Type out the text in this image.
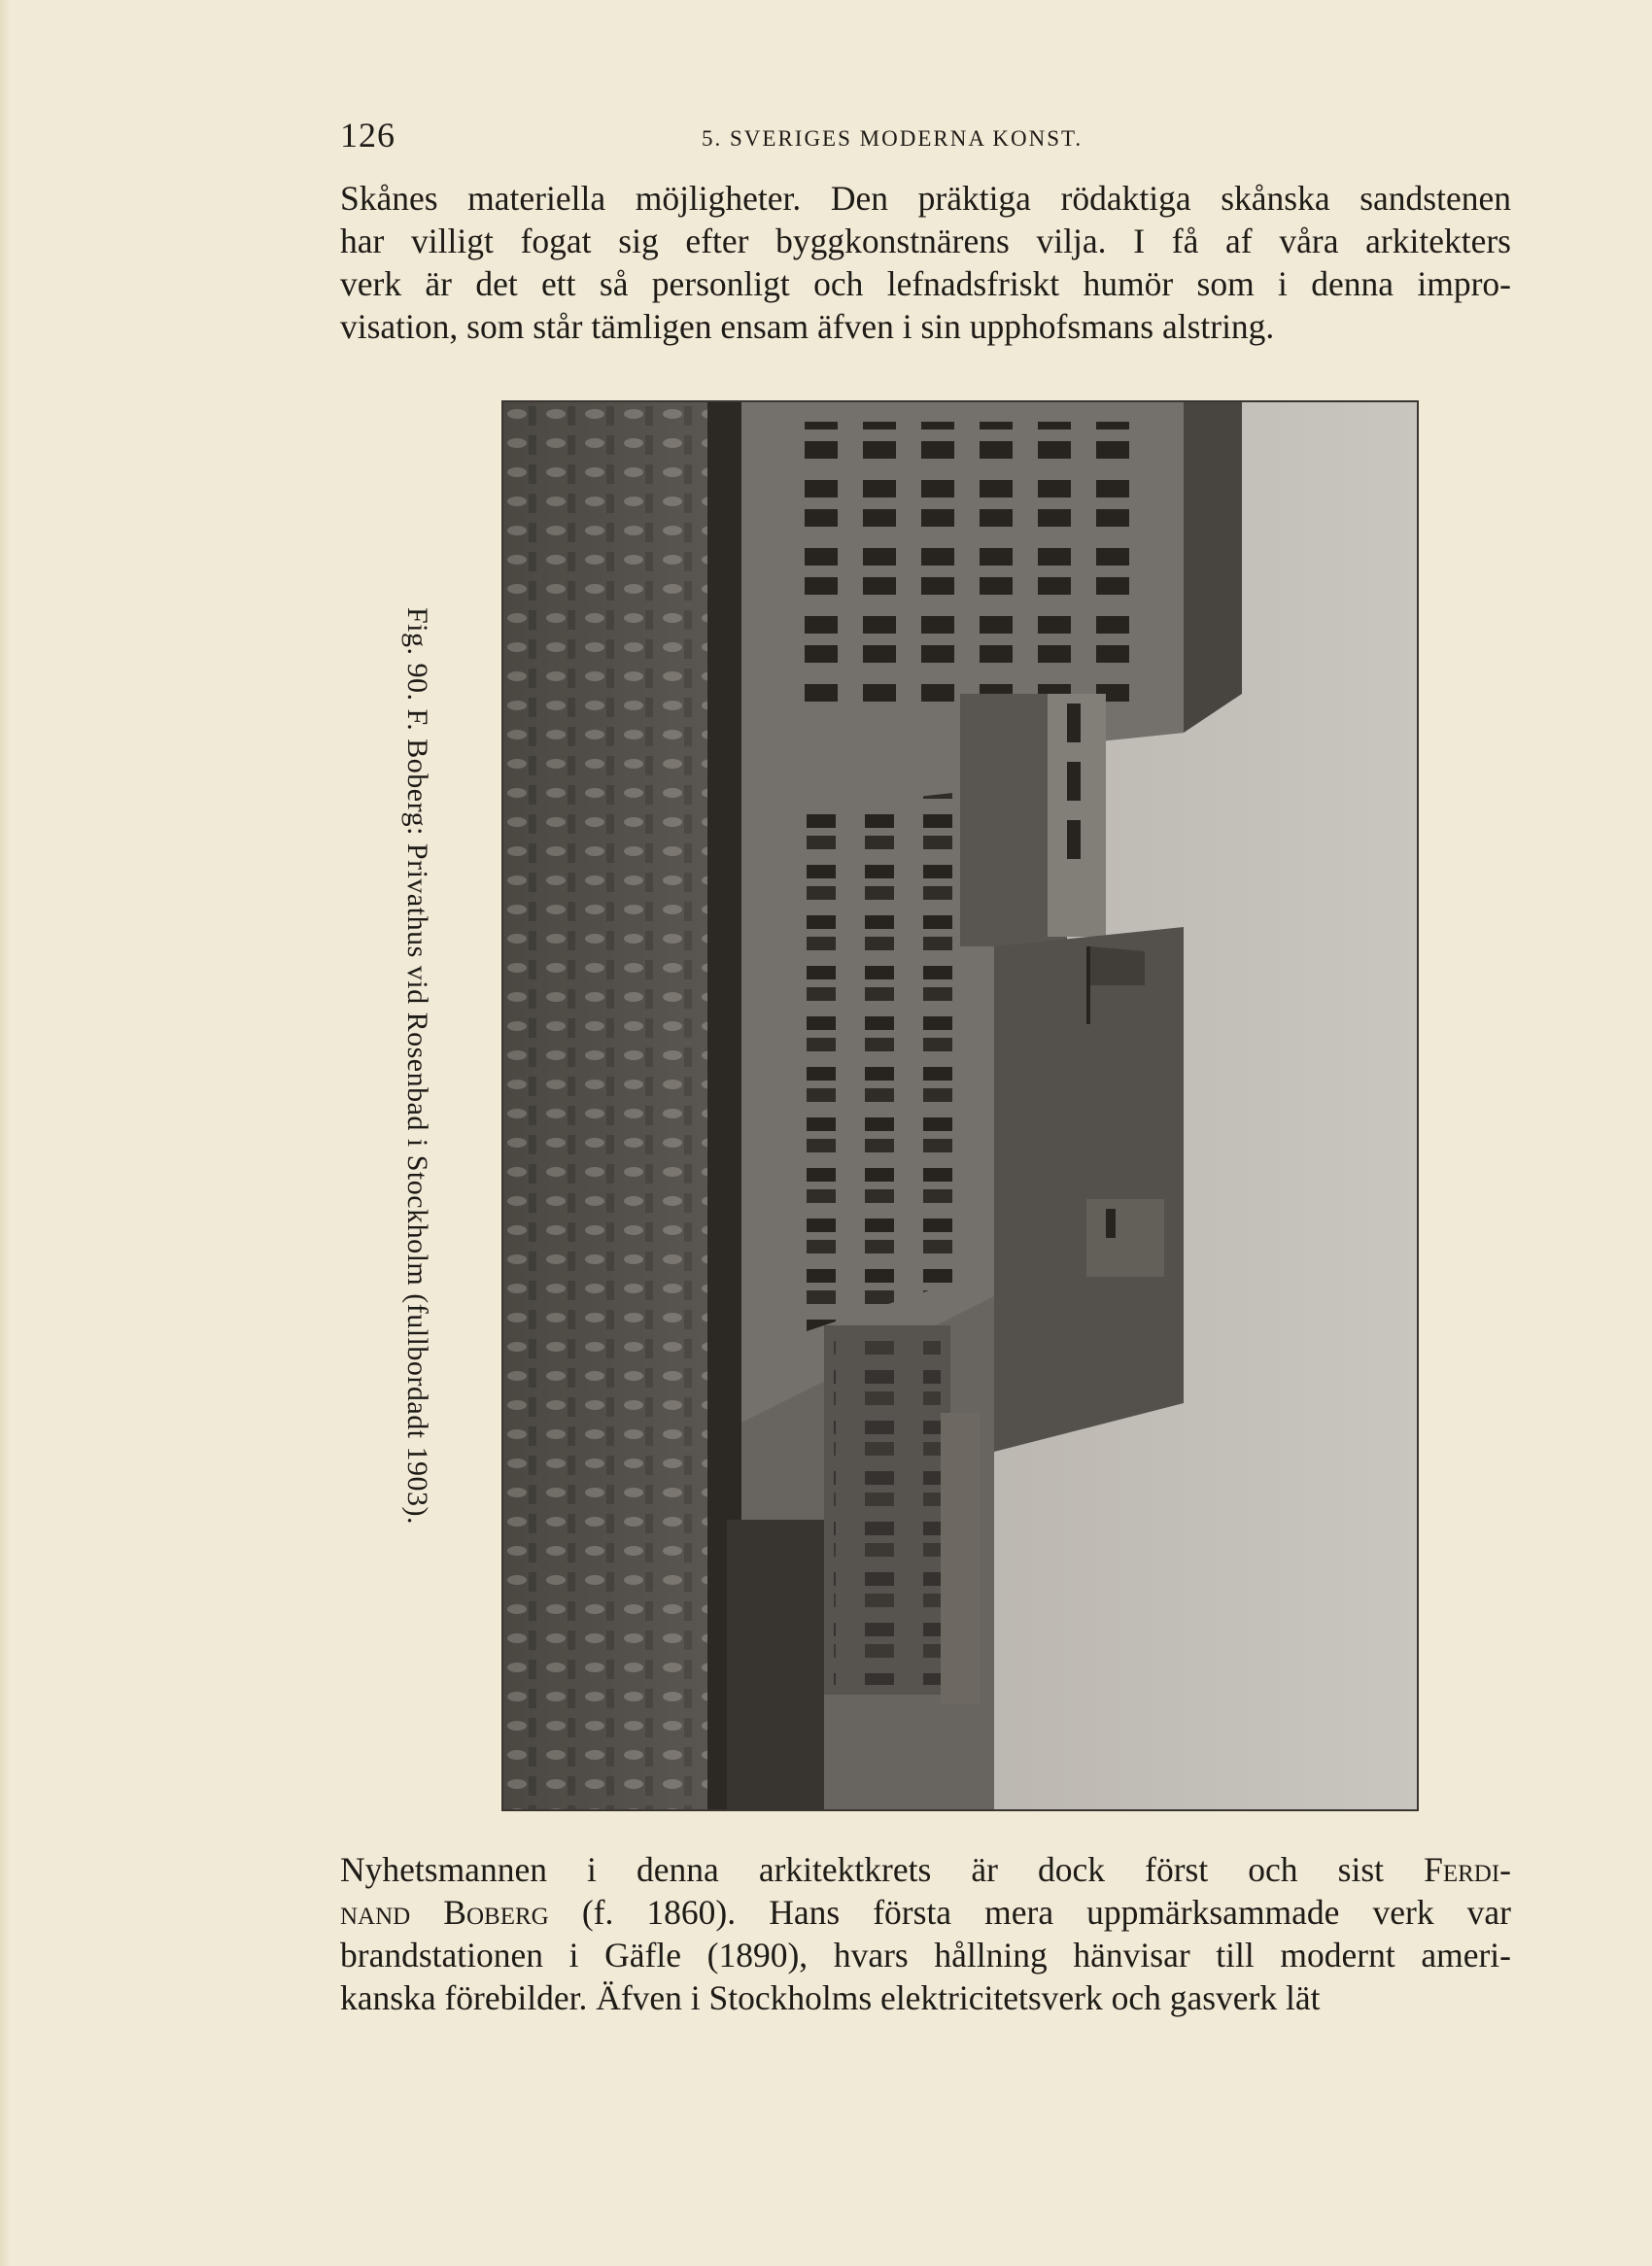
126	5. SVERIGES MODERNA KONST.

Skånes materiella möjligheter. Den präktiga rödaktiga skånska sandstenen
har villigt fogat sig efter byggkonstnärens vilja. I få af våra arkitekters
verk är det ett så personligt och lefnadsfriskt humör som i denna impro-
visation, som står tämligen ensam äfven i sin upphofsmans alstring.

Fig. 90. F. Boberg: Privathus vid Rosenbad i Stockholm (fullbordadt 1903).

Nyhetsmannen i denna arkitektkrets är dock först och sist Ferdi-
nand Boberg (f. 1860). Hans första mera uppmärksammade verk var
brandstationen i Gäfle (1890), hvars hållning hänvisar till modernt ameri-
kanska förebilder. Äfven i Stockholms elektricitetsverk och gasverk lät
